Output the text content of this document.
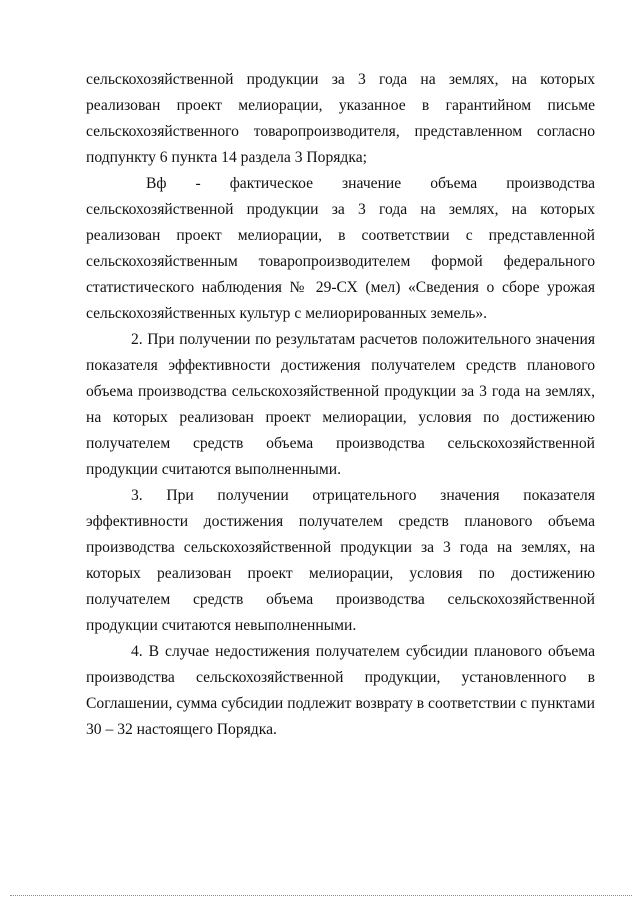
сельскохозяйственной продукции за 3 года на землях, на которых реализован проект мелиорации, указанное в гарантийном письме сельскохозяйственного товаропроизводителя, представленном согласно подпункту 6 пункта 14 раздела 3 Порядка;

Вф - фактическое значение объема производства сельскохозяйственной продукции за 3 года на землях, на которых реализован проект мелиорации, в соответствии с представленной сельскохозяйственным товаропроизводителем формой федерального статистического наблюдения № 29-СХ (мел) «Сведения о сборе урожая сельскохозяйственных культур с мелиорированных земель».

2. При получении по результатам расчетов положительного значения показателя эффективности достижения получателем средств планового объема производства сельскохозяйственной продукции за 3 года на землях, на которых реализован проект мелиорации, условия по достижению получателем средств объема производства сельскохозяйственной продукции считаются выполненными.

3. При получении отрицательного значения показателя эффективности достижения получателем средств планового объема производства сельскохозяйственной продукции за 3 года на землях, на которых реализован проект мелиорации, условия по достижению получателем средств объема производства сельскохозяйственной продукции считаются невыполненными.

4. В случае недостижения получателем субсидии планового объема производства сельскохозяйственной продукции, установленного в Соглашении, сумма субсидии подлежит возврату в соответствии с пунктами 30 – 32 настоящего Порядка.
